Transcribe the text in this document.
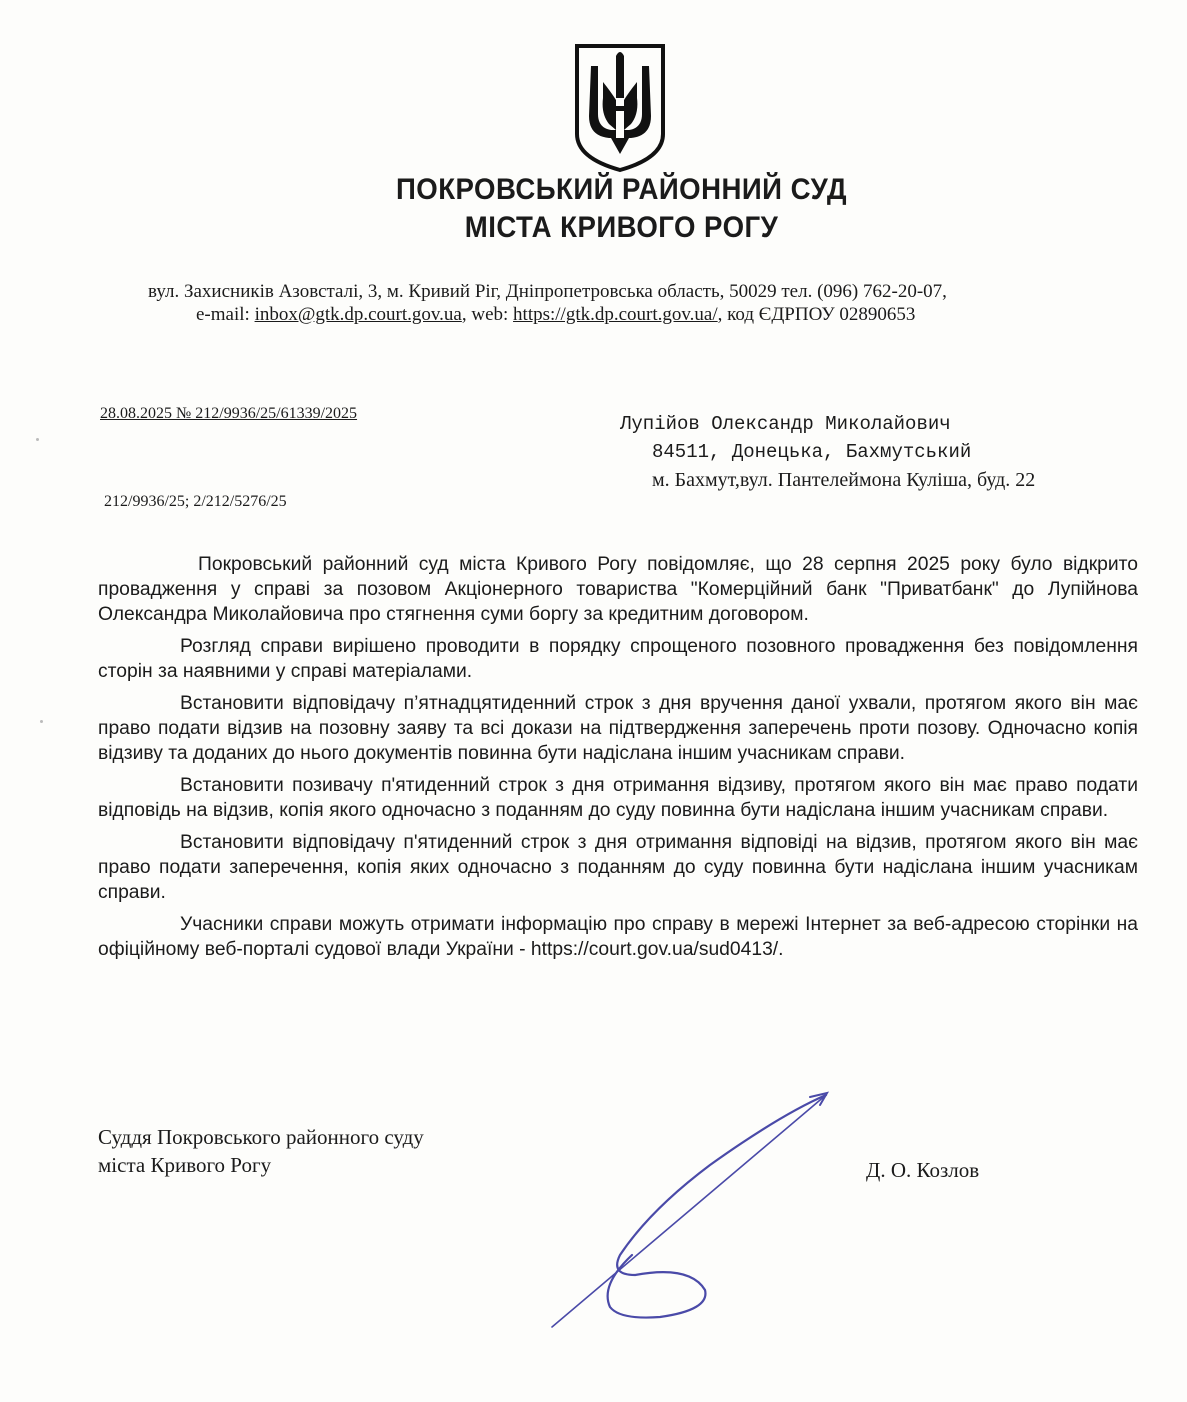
ПОКРОВСЬКИЙ РАЙОННИЙ СУД
МІСТА КРИВОГО РОГУ
вул. Захисників Азовсталі, 3, м. Кривий Ріг, Дніпропетровська область, 50029 тел. (096) 762-20-07,
e-mail: inbox@gtk.dp.court.gov.ua, web: https://gtk.dp.court.gov.ua/, код ЄДРПОУ 02890653
28.08.2025 № 212/9936/25/61339/2025
212/9936/25; 2/212/5276/25
Лупійов Олександр Миколайович
84511, Донецька, Бахмутський
м. Бахмут,вул. Пантелеймона Куліша, буд. 22

Покровський районний суд міста Кривого Рогу повідомляє, що 28 серпня 2025 року було відкрито провадження у справі за позовом Акціонерного товариства "Комерційний банк "Приватбанк" до Лупійнова Олександра Миколайовича про стягнення суми боргу за кредитним договором.

Розгляд справи вирішено проводити в порядку спрощеного позовного провадження без повідомлення сторін за наявними у справі матеріалами.

Встановити відповідачу п’ятнадцятиденний строк з дня вручення даної ухвали, протягом якого він має право подати відзив на позовну заяву та всі докази на підтвердження заперечень проти позову. Одночасно копія відзиву та доданих до нього документів повинна бути надіслана іншим учасникам справи.

Встановити позивачу п'ятиденний строк з дня отримання відзиву, протягом якого він має право подати відповідь на відзив, копія якого одночасно з поданням до суду повинна бути надіслана іншим учасникам справи.

Встановити відповідачу п'ятиденний строк з дня отримання відповіді на відзив, протягом якого він має право подати заперечення, копія яких одночасно з поданням до суду повинна бути надіслана іншим учасникам справи.

Учасники справи можуть отримати інформацію про справу в мережі Інтернет за веб-адресою сторінки на офіційному веб-порталі судової влади України - https://court.gov.ua/sud0413/.

Суддя Покровського районного суду
міста Кривого Рогу	Д. О. Козлов
